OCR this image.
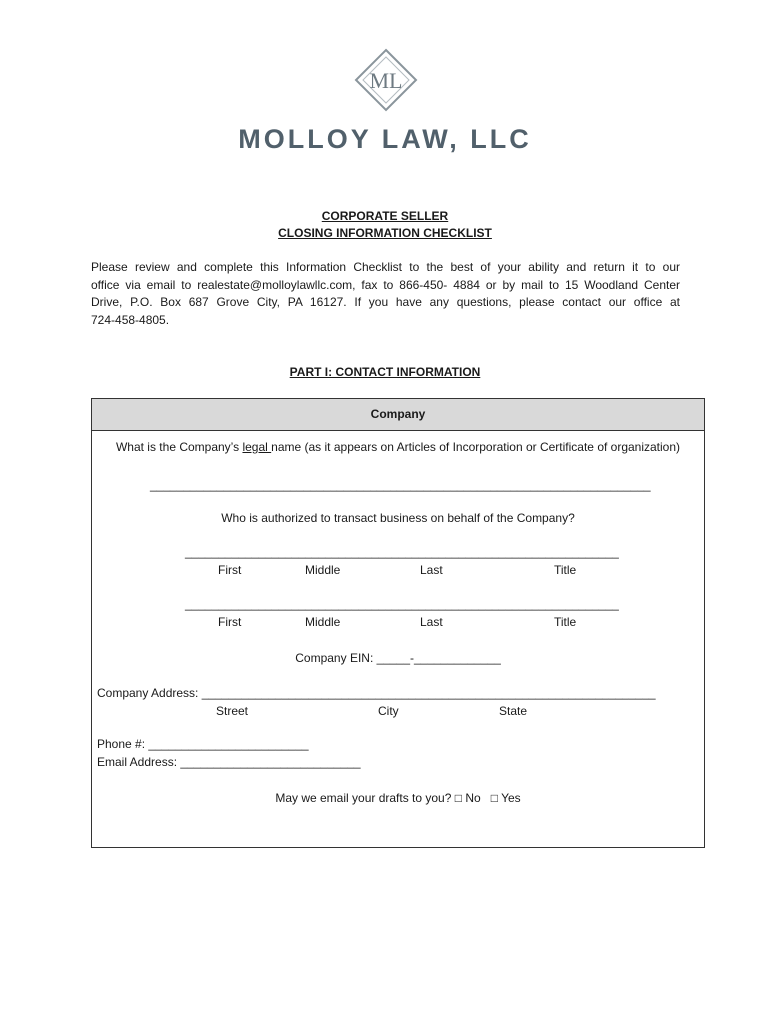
ML
MOLLOY LAW, LLC
CORPORATE SELLER
CLOSING INFORMATION CHECKLIST
Please review and complete this Information Checklist to the best of your ability and return it to our
office via email to realestate@molloylawllc.com, fax to 866-450- 4884 or by mail to 15 Woodland Center
Drive, P.O. Box 687 Grove City, PA 16127. If you have any questions, please contact our office at
724-458-4805.
PART I: CONTACT INFORMATION
Company
What is the Company’s legal name (as it appears on Articles of Incorporation or Certificate of organization)
___________________________________________________________________________
Who is authorized to transact business on behalf of the Company?
_________________________________________________________________
First	Middle	Last	Title
_________________________________________________________________
First	Middle	Last	Title
Company EIN: _____-_____________
Company Address: ____________________________________________________________________
Street	City	State
Phone #: ________________________
Email Address: ___________________________
May we email your drafts to you? □ No □ Yes
